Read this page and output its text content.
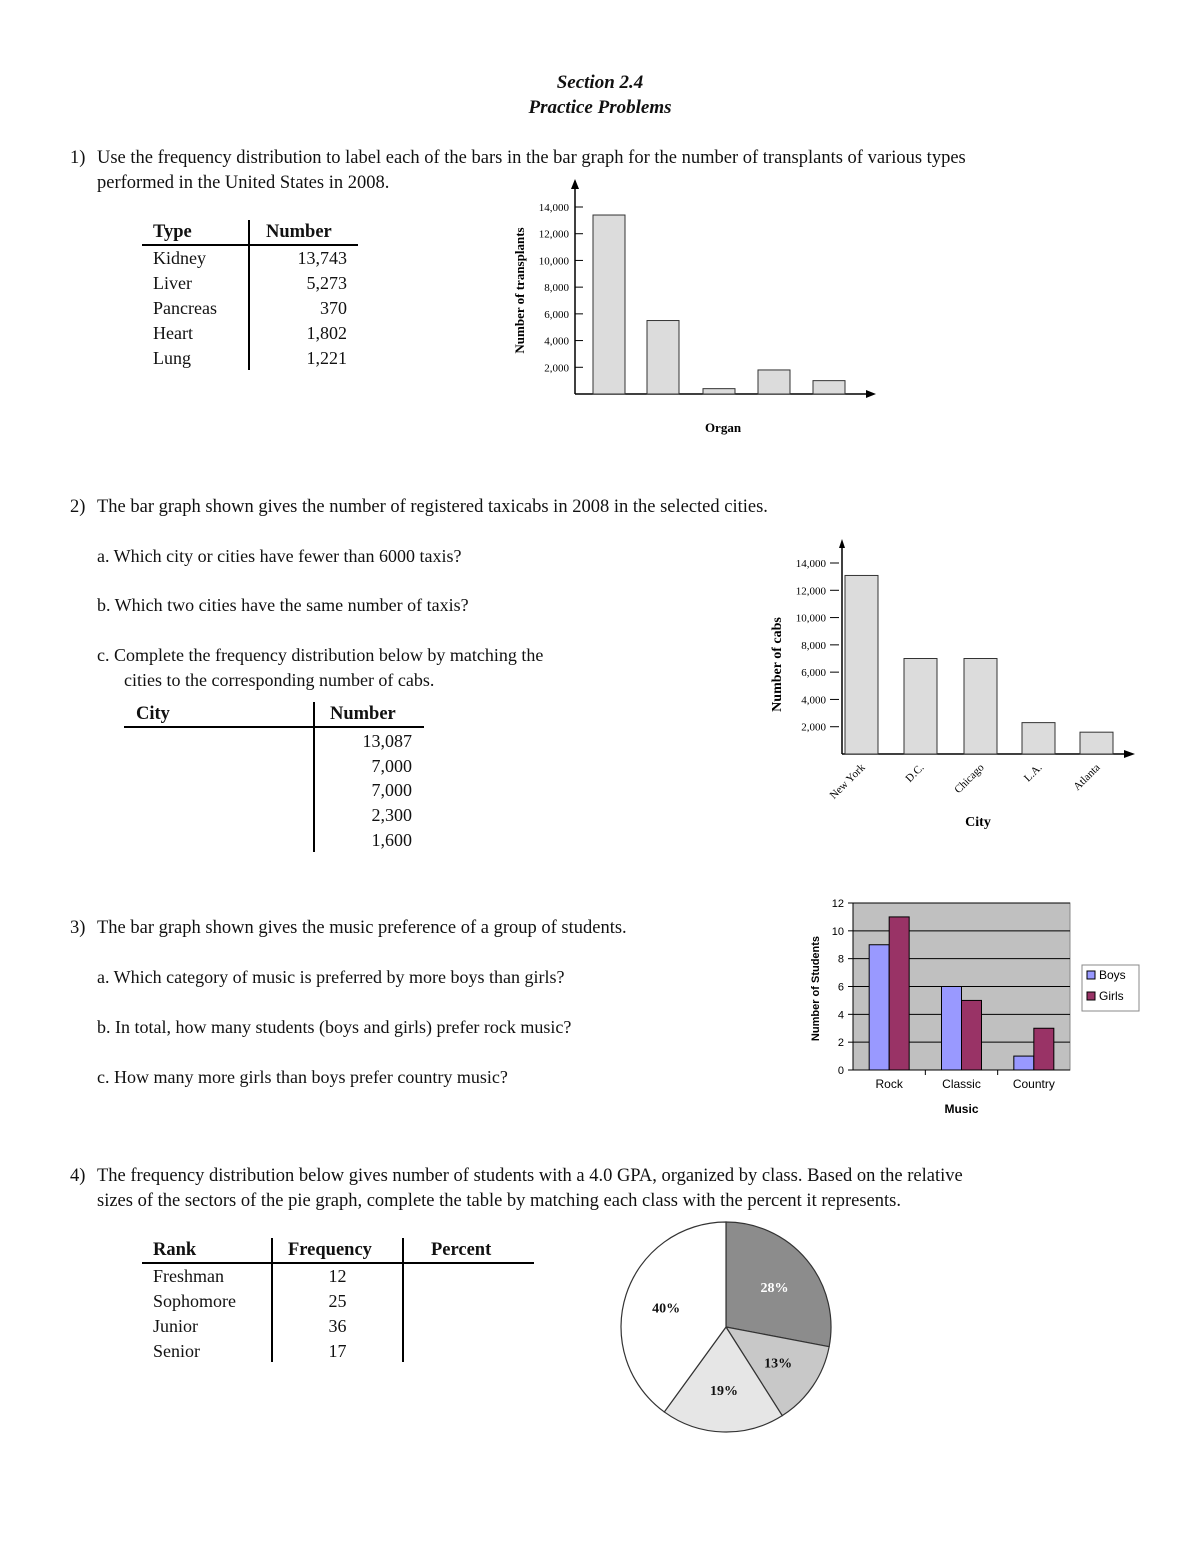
Section 2.4
Practice Problems
1) Use the frequency distribution to label each of the bars in the bar graph for the number of transplants of various types
performed in the United States in 2008.
Type	Number
Kidney	13,743
Liver	5,273
Pancreas	370
Heart	1,802
Lung	1,221
2,000
4,000
6,000
8,000
10,000
12,000
14,000
Organ
Number of transplants
2) The bar graph shown gives the number of registered taxicabs in 2008 in the selected cities.
a. Which city or cities have fewer than 6000 taxis?
b. Which two cities have the same number of taxis?
c. Complete the frequency distribution below by matching the
cities to the corresponding number of cabs.
City	Number
13,087
7,000
7,000
2,300
1,600
2,000
4,000
6,000
8,000
10,000
12,000
14,000
New York	D.C. Chicago	L.A. Atlanta
City
Number of cabs
3) The bar graph shown gives the music preference of a group of students.
a. Which category of music is preferred by more boys than girls?
b. In total, how many students (boys and girls) prefer rock music?
c. How many more girls than boys prefer country music?	0
2
4
6
8
10
12
Rock	Classic	Country
Music
Number of Students	Boys
Girls
4) The frequency distribution below gives number of students with a 4.0 GPA, organized by class. Based on the relative
sizes of the sectors of the pie graph, complete the table by matching each class with the percent it represents.
Rank	Frequency	Percent
Freshman	12
Sophomore	25
Junior	36
Senior	17
28%
13%
19%
40%
